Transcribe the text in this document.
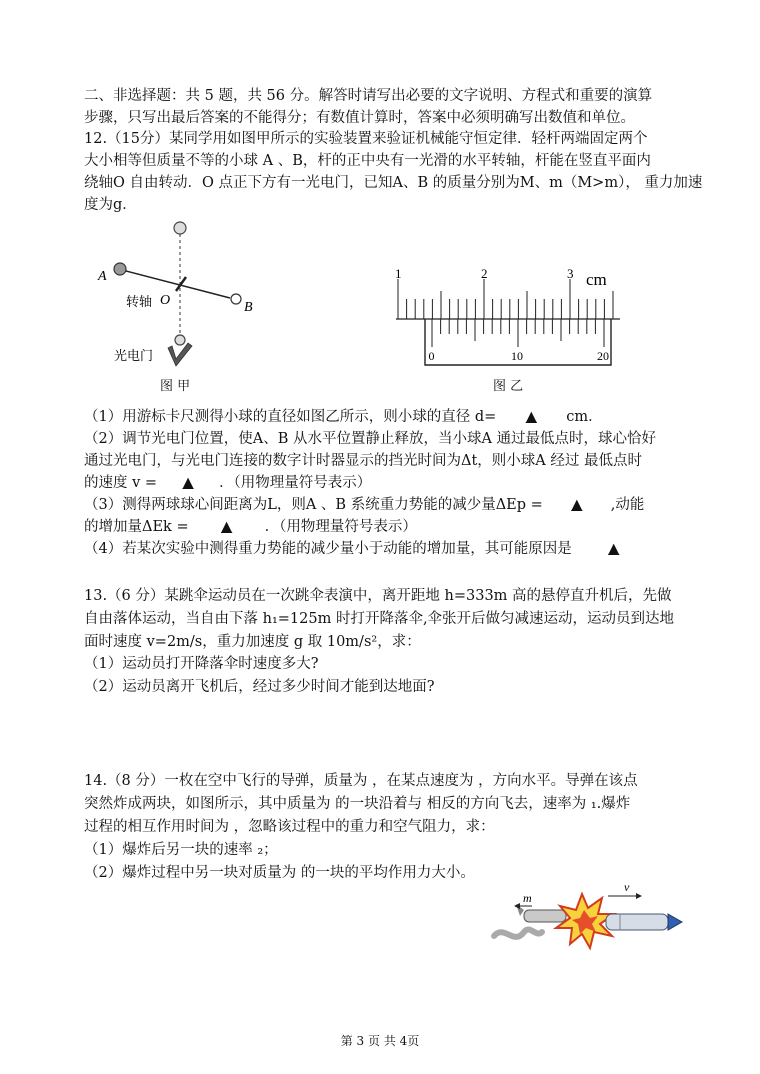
二、非选择题：共 5 题，共 56 分。解答时请写出必要的文字说明、方程式和重要的演算
步骤，只写出最后答案的不能得分；有数值计算时，答案中必须明确写出数值和单位。
12.（15分）某同学用如图甲所示的实验装置来验证机械能守恒定律．轻杆两端固定两个
大小相等但质量不等的小球 A 、B，杆的正中央有一光滑的水平转轴，杆能在竖直平面内
绕轴O 自由转动．O 点正下方有一光电门，已知A、B 的质量分别为M、m（M>m）， 重力加速
度为g．
A
B
O
转轴
光电门
图 甲
1	2	3 cm
0	10	20
图 乙
（1）用游标卡尺测得小球的直径如图乙所示，则小球的直径 d= ▲ cm．
（2）调节光电门位置，使A、B 从水平位置静止释放，当小球A 通过最低点时，球心恰好
通过光电门，与光电门连接的数字计时器显示的挡光时间为Δt，则小球A 经过 最低点时
的速度 v = ▲ ．（用物理量符号表示）
（3）测得两球球心间距离为L，则A 、B 系统重力势能的减少量ΔEp = ▲ ,动能
的增加量ΔEk = ▲ ．（用物理量符号表示）
（4）若某次实验中测得重力势能的减少量小于动能的增加量，其可能原因是	▲
13.（6 分）某跳伞运动员在一次跳伞表演中，离开距地 h=333m 高的悬停直升机后，先做
自由落体运动，当自由下落 h₁=125m 时打开降落伞,伞张开后做匀减速运动，运动员到达地
面时速度 v=2m/s，重力加速度 g 取 10m/s²，求：
（1）运动员打开降落伞时速度多大?
（2）运动员离开飞机后，经过多少时间才能到达地面?
14.（8 分）一枚在空中飞行的导弹，质量为 ，在某点速度为 ，方向水平。导弹在该点
突然炸成两块，如图所示，其中质量为 的一块沿着与 相反的方向飞去，速率为 ₁.爆炸
过程的相互作用时间为 ，忽略该过程中的重力和空气阻力，求：
（1）爆炸后另一块的速率 ₂；
（2）爆炸过程中另一块对质量为 的一块的平均作用力大小。
m
v
第 3 页 共 4页
